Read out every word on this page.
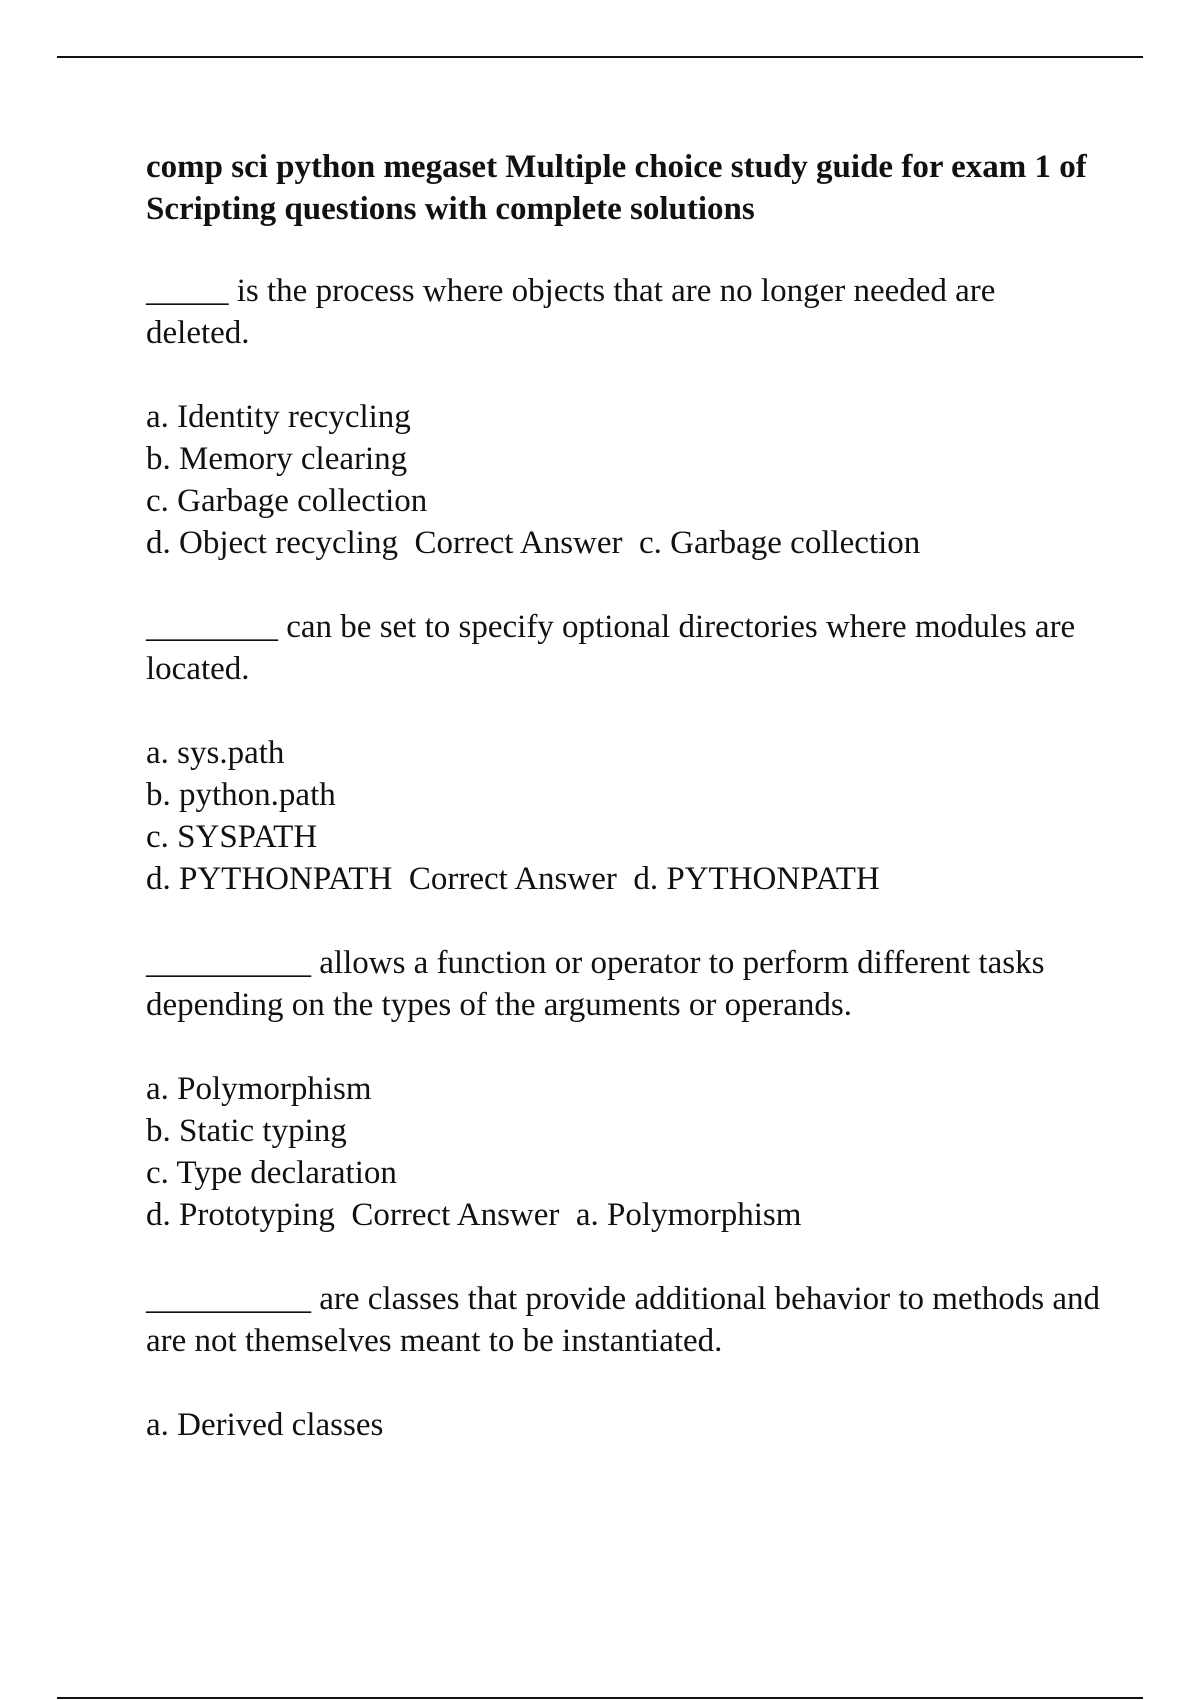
comp sci python megaset Multiple choice study guide for exam 1 of Scripting questions with complete solutions
_____ is the process where objects that are no longer needed are deleted.
a. Identity recycling
b. Memory clearing
c. Garbage collection
d. Object recycling Correct Answer c. Garbage collection
________ can be set to specify optional directories where modules are located.
a. sys.path
b. python.path
c. SYSPATH
d. PYTHONPATH Correct Answer d. PYTHONPATH
__________ allows a function or operator to perform different tasks depending on the types of the arguments or operands.
a. Polymorphism
b. Static typing
c. Type declaration
d. Prototyping Correct Answer a. Polymorphism
__________ are classes that provide additional behavior to methods and are not themselves meant to be instantiated.
a. Derived classes
